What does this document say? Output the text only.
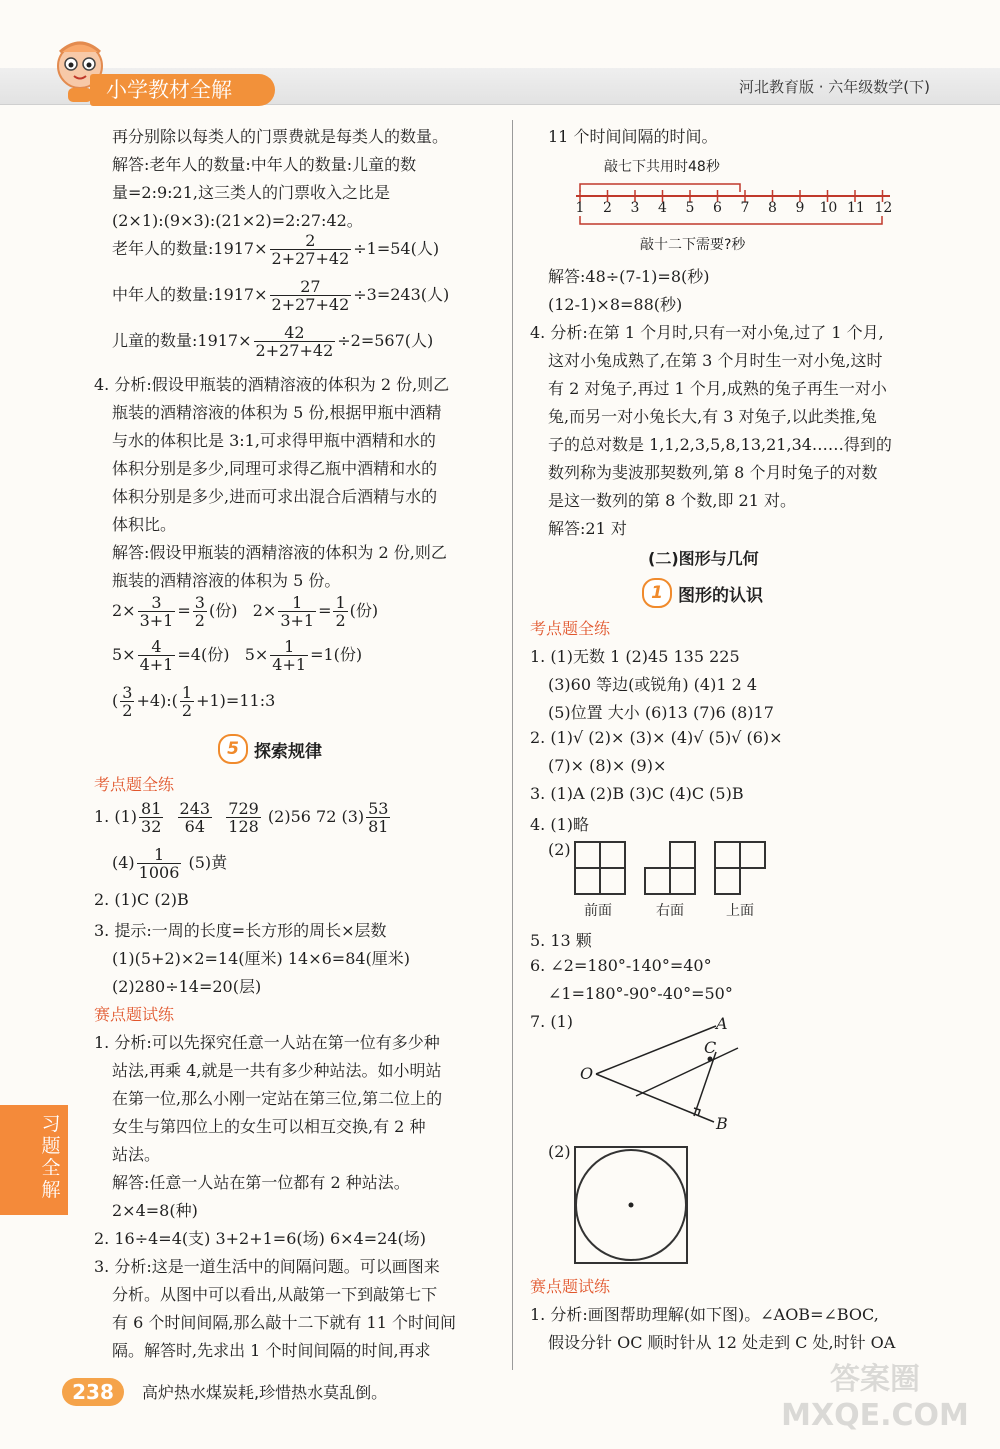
小学教材全解	河北教育版 · 六年级数学(下)
再分别除以每类人的门票费就是每类人的数量。
解答:老年人的数量:中年人的数量:儿童的数
量=2:9:21,这三类人的门票收入之比是
(2×1):(9×3):(21×2)=2:27:42。
老年人的数量:1917× $\frac{2}{2+27+42} \div 1=54$(人)
中年人的数量:1917× $\frac{27}{2+27+42} \div 3=243$(人)
儿童的数量:1917× $\frac{42}{2+27+42} \div 2=567$(人)
4. 分析:假设甲瓶装的酒精溶液的体积为 2 份,则乙
瓶装的酒精溶液的体积为 5 份,根据甲瓶中酒精
与水的体积比是 3:1,可求得甲瓶中酒精和水的
体积分别是多少,同理可求得乙瓶中酒精和水的
体积分别是多少,进而可求出混合后酒精与水的
体积比。
解答:假设甲瓶装的酒精溶液的体积为 2 份,则乙
瓶装的酒精溶液的体积为 5 份。
$2\times \frac{3}{3+1} = \frac{3}{2}$ (份) $2\times \frac{1}{3+1} = \frac{1}{2}$ (份)
$5\times \frac{4}{4+1} =4$(份) $5\times \frac{1}{4+1} =1$(份)
( $\frac{3}{2}$ +4):( $\frac{1}{2}$ +1)=11:3
5 探索规律
考点题全练
1. $(1) \frac{81}{32}$
$\frac{243}{64}$
$\frac{729}{128} (2)56$ 72 $(3) \frac{53}{81}$
$(4) \frac{1}{1006} (5)$黄
2. (1)C (2)B
3. 提示:一周的长度=长方形的周长×层数
(1)(5+2)×2=14(厘米) 14×6=84(厘米)
(2)280÷14=20(层)
赛点题试练
1. 分析:可以先探究任意一人站在第一位有多少种
站法,再乘 4,就是一共有多少种站法。如小明站
在第一位,那么小刚一定站在第三位,第二位上的
女生与第四位上的女生可以相互交换,有 2 种
站法。
解答:任意一人站在第一位都有 2 种站法。
2×4=8(种)
2. 16÷4=4(支) 3+2+1=6(场) 6×4=24(场)
3. 分析:这是一道生活中的间隔问题。可以画图来
分析。从图中可以看出,从敲第一下到敲第七下
有 6 个时间间隔,那么敲十二下就有 11 个时间间
隔。解答时,先求出 1 个时间间隔的时间,再求
习题全解
11 个时间间隔的时间。
敲七下共用时48秒
1 2 3 4 5 6 7 8 9 10 11 12
敲十二下需要?秒
解答:48÷(7-1)=8(秒)
(12-1)×8=88(秒)
4. 分析:在第 1 个月时,只有一对小兔,过了 1 个月,
这对小兔成熟了,在第 3 个月时生一对小兔,这时
有 2 对兔子,再过 1 个月,成熟的兔子再生一对小
兔,而另一对小兔长大,有 3 对兔子,以此类推,兔
子的总对数是 1,1,2,3,5,8,13,21,34……得到的
数列称为斐波那契数列,第 8 个月时兔子的对数
是这一数列的第 8 个数,即 21 对。
解答:21 对
(二)图形与几何
1 图形的认识
考点题全练
1. (1)无数 1 (2)45 135 225
(3)60 等边(或锐角) (4)1 2 4
(5)位置 大小 (6)13 (7)6 (8)17
2. (1)√ (2)× (3)× (4)√ (5)√ (6)×
(7)× (8)× (9)×
3. (1)A (2)B (3)C (4)C (5)B
4. (1)略
(2)
前面	右面	上面
5. 13 颗
6. ∠2=180°-140°=40°
∠1=180°-90°-40°=50°
7. (1)	A
C
O
B
(2)
赛点题试练
1. 分析:画图帮助理解(如下图)。∠AOB=∠BOC,
假设分针 OC 顺时针从 12 处走到 C 处,时针 OA
238	高炉热水煤炭耗,珍惜热水莫乱倒。	答案圈 MXQE.COM
